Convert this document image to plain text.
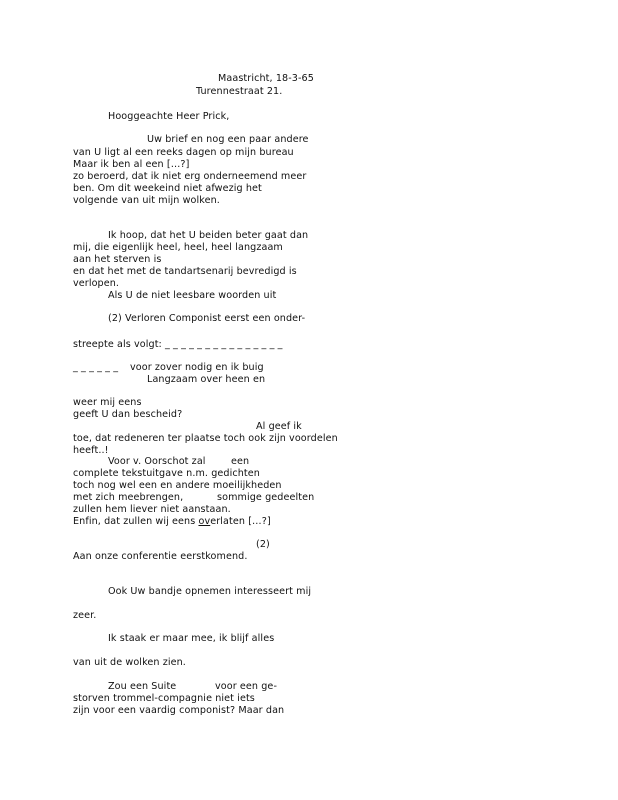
Maastricht, 18-3-65
Turennestraat 21.
Hooggeachte Heer Prick,
Uw brief en nog een paar andere
van U ligt al een reeks dagen op mijn bureau
Maar ik ben al een […?]
zo beroerd, dat ik niet erg onderneemend meer
ben. Om dit weekeind niet afwezig het
volgende van uit mijn wolken.
Ik hoop, dat het U beiden beter gaat dan
mij, die eigenlijk heel, heel, heel langzaam
aan het sterven is
en dat het met de tandartsenarij bevredigd is
verlopen.
Als U de niet leesbare woorden uit
(2) Verloren Componist eerst een onder-
streepte als volgt: _ _ _ _ _ _ _ _ _ _ _ _ _ _ _
_ _ _ _ _ _ voor zover nodig en ik buig
Langzaam over heen en
weer mij eens
geeft U dan bescheid?
Al geef ik
toe, dat redeneren ter plaatse toch ook zijn voordelen
heeft..!
Voor v. Oorschot zal	een
complete tekstuitgave n.m. gedichten
toch nog wel een en andere moeilijkheden
met zich meebrengen,	sommige gedeelten
zullen hem liever niet aanstaan.
Enfin, dat zullen wij eens overlaten […?]
(2)
Aan onze conferentie eerstkomend.
Ook Uw bandje opnemen interesseert mij
zeer.
Ik staak er maar mee, ik blijf alles
van uit de wolken zien.
Zou een Suite	voor een ge-
storven trommel-compagnie niet iets
zijn voor een vaardig componist? Maar dan
